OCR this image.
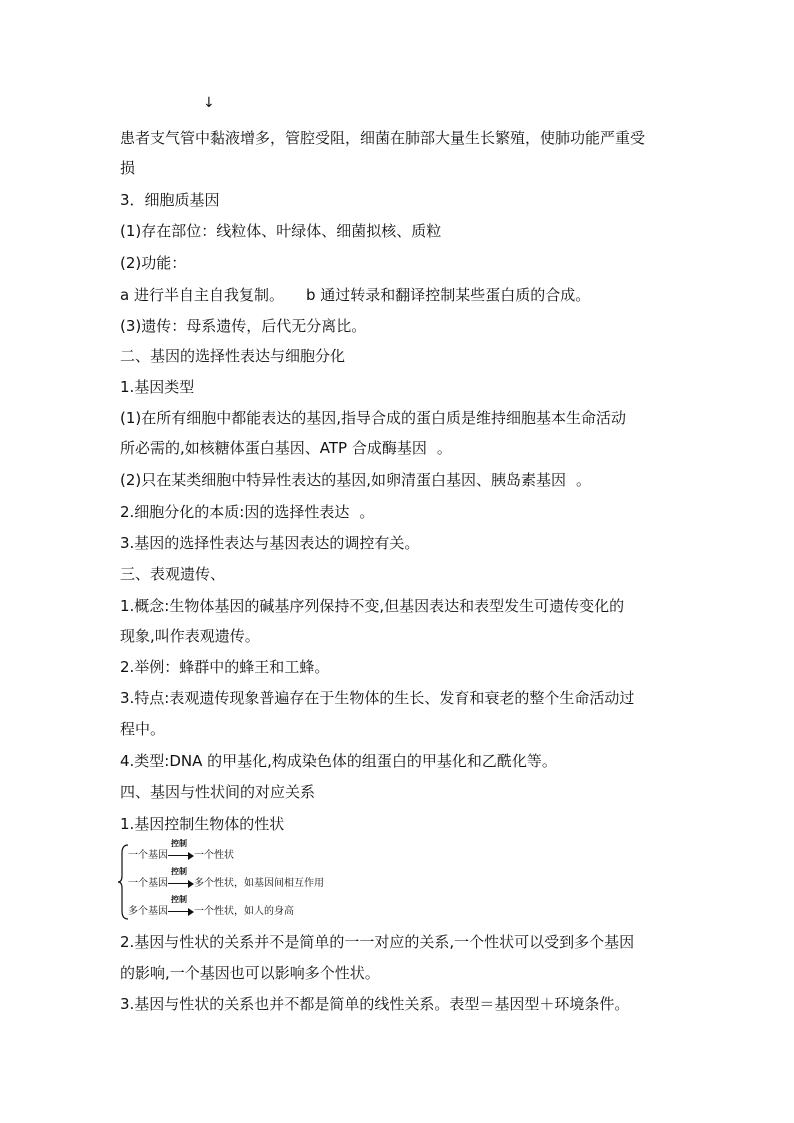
↓
患者支气管中黏液增多，管腔受阻，细菌在肺部大量生长繁殖，使肺功能严重受
损
3．细胞质基因
(1)存在部位：线粒体、叶绿体、细菌拟核、质粒
(2)功能：
a 进行半自主自我复制。 b 通过转录和翻译控制某些蛋白质的合成。
(3)遗传：母系遗传，后代无分离比。
二、基因的选择性表达与细胞分化
1.基因类型
(1)在所有细胞中都能表达的基因,指导合成的蛋白质是维持细胞基本生命活动
所必需的,如核糖体蛋白基因、ATP 合成酶基因 。
(2)只在某类细胞中特异性表达的基因,如卵清蛋白基因、胰岛素基因 。
2.细胞分化的本质:因的选择性表达 。
3.基因的选择性表达与基因表达的调控有关。
三、表观遗传、
1.概念:生物体基因的碱基序列保持不变,但基因表达和表型发生可遗传变化的
现象,叫作表观遗传。
2.举例：蜂群中的蜂王和工蜂。
3.特点:表观遗传现象普遍存在于生物体的生长、发育和衰老的整个生命活动过
程中。
4.类型:DNA 的甲基化,构成染色体的组蛋白的甲基化和乙酰化等。
四、基因与性状间的对应关系
1.基因控制生物体的性状
一个基因
控制
一个性状
一个基因
控制
多个性状，如基因间相互作用
多个基因
控制
一个性状，如人的身高
2.基因与性状的关系并不是简单的一一对应的关系,一个性状可以受到多个基因
的影响,一个基因也可以影响多个性状。
3.基因与性状的关系也并不都是简单的线性关系。表型＝基因型＋环境条件。
